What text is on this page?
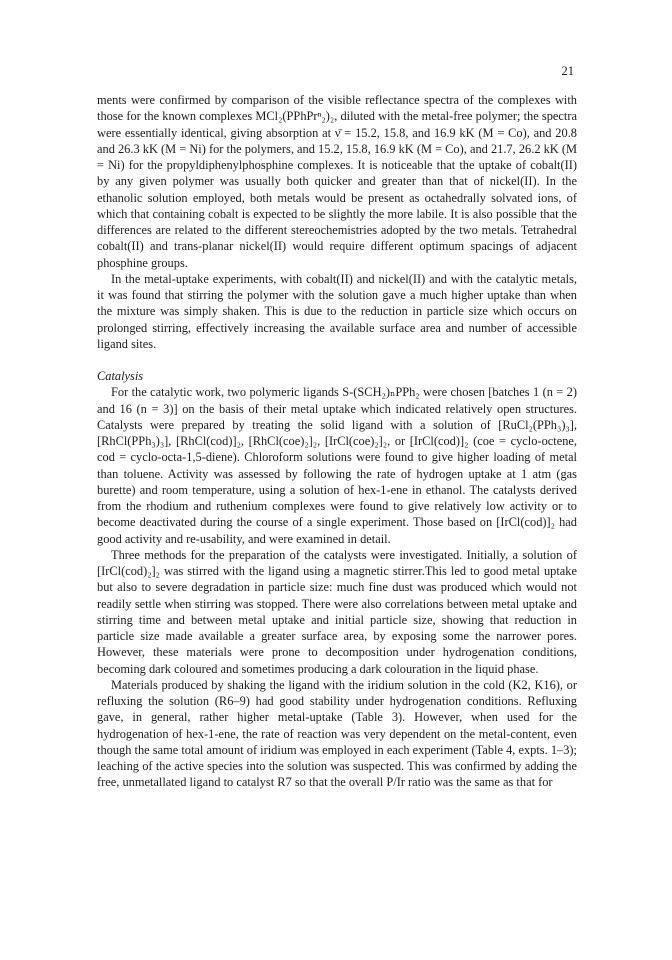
21

ments were confirmed by comparison of the visible reflectance spectra of the complexes with those for the known complexes MCl₂(PPhPrⁿ₂)₂, diluted with the metal-free polymer; the spectra were essentially identical, giving absorption at ν̄ = 15.2, 15.8, and 16.9 kK (M = Co), and 20.8 and 26.3 kK (M = Ni) for the polymers, and 15.2, 15.8, 16.9 kK (M = Co), and 21.7, 26.2 kK (M = Ni) for the propyldiphenylphosphine complexes. It is noticeable that the uptake of cobalt(II) by any given polymer was usually both quicker and greater than that of nickel(II). In the ethanolic solution employed, both metals would be present as octahedrally solvated ions, of which that containing cobalt is expected to be slightly the more labile. It is also possible that the differences are related to the different stereochemistries adopted by the two metals. Tetrahedral cobalt(II) and trans-planar nickel(II) would require different optimum spacings of adjacent phosphine groups.

In the metal-uptake experiments, with cobalt(II) and nickel(II) and with the catalytic metals, it was found that stirring the polymer with the solution gave a much higher uptake than when the mixture was simply shaken. This is due to the reduction in particle size which occurs on prolonged stirring, effectively increasing the available surface area and number of accessible ligand sites.

Catalysis

For the catalytic work, two polymeric ligands S-(SCH₂)ₙPPh₂ were chosen [batches 1 (n = 2) and 16 (n = 3)] on the basis of their metal uptake which indicated relatively open structures. Catalysts were prepared by treating the solid ligand with a solution of [RuCl₂(PPh₃)₃], [RhCl(PPh₃)₃], [RhCl(cod)]₂, [RhCl(coe)₂]₂, [IrCl(coe)₂]₂, or [IrCl(cod)]₂ (coe = cyclo-octene, cod = cyclo-octa-1,5-diene). Chloroform solutions were found to give higher loading of metal than toluene. Activity was assessed by following the rate of hydrogen uptake at 1 atm (gas burette) and room temperature, using a solution of hex-1-ene in ethanol. The catalysts derived from the rhodium and ruthenium complexes were found to give relatively low activity or to become deactivated during the course of a single experiment. Those based on [IrCl(cod)]₂ had good activity and re-usability, and were examined in detail.

Three methods for the preparation of the catalysts were investigated. Initially, a solution of [IrCl(cod)₂]₂ was stirred with the ligand using a magnetic stirrer.This led to good metal uptake but also to severe degradation in particle size: much fine dust was produced which would not readily settle when stirring was stopped. There were also correlations between metal uptake and stirring time and between metal uptake and initial particle size, showing that reduction in particle size made available a greater surface area, by exposing some the narrower pores. However, these materials were prone to decomposition under hydrogenation conditions, becoming dark coloured and sometimes producing a dark colouration in the liquid phase.

Materials produced by shaking the ligand with the iridium solution in the cold (K2, K16), or refluxing the solution (R6–9) had good stability under hydrogenation conditions. Refluxing gave, in general, rather higher metal-uptake (Table 3). However, when used for the hydrogenation of hex-1-ene, the rate of reaction was very dependent on the metal-content, even though the same total amount of iridium was employed in each experiment (Table 4, expts. 1–3); leaching of the active species into the solution was suspected. This was confirmed by adding the free, unmetallated ligand to catalyst R7 so that the overall P/Ir ratio was the same as that for
